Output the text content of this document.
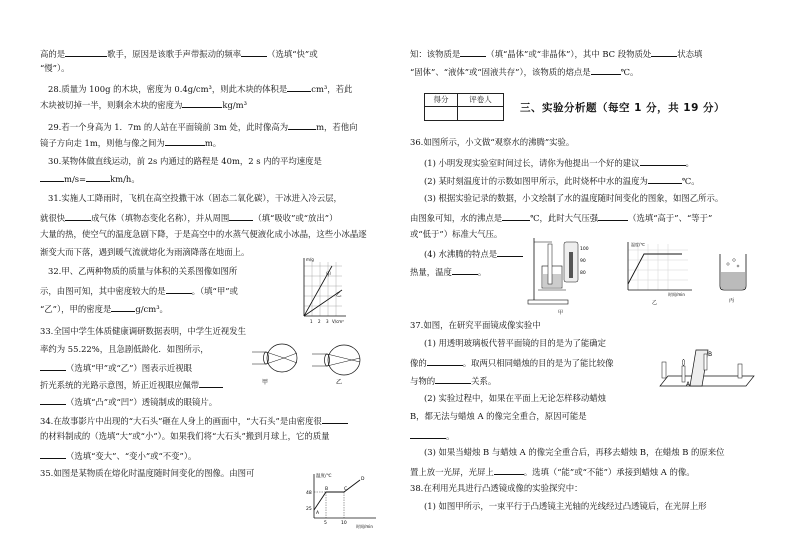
高的是	歌手，原因是该歌手声带振动的频率	（选填“快”或
“慢”）。
28.质量为 100g 的木块，密度为 0.4g/cm³，则此木块的体积是	cm³，若此
木块被切掉一半，则剩余木块的密度为	kg/m³
29.若一个身高为 1．7m 的人站在平面镜前 3m 处，此时像高为	m，若他向
镜子方向走 1m，则他与像之间为	m。
30.某物体做直线运动，前 2s 内通过的路程是 40m，2 s 内的平均速度是
m/s=	km/h。
31.实施人工降雨时，飞机在高空投撒干冰（固态二氧化碳），干冰进入冷云层，
就很快	成气体（填物态变化名称），并从周围	（填“吸收”或“放出”）
大量的热，使空气的温度急剧下降，于是高空中的水蒸气便液化成小冰晶，这些小冰晶逐
渐变大而下落，遇到暖气流就熔化为雨滴降落在地面上。
32.甲、乙两种物质的质量与体积的关系图像如图所
示，由图可知，其中密度较大的是	。（填“甲”或
“乙”），甲的密度是	g/cm³。
m/g
V/cm³
甲
乙
1 2 3
33.全国中学生体质健康调研数据表明，中学生近视发生
率约为 55.22%，且急剧低龄化．如图所示，
（选填“甲”或“乙”）图表示近视眼
折光系统的光路示意图，矫正近视眼应佩带
（选填“凸”或“凹”）透镜制成的眼镜片。
甲	乙
34.在故事影片中出现的“大石头”砸在人身上的画面中，“大石头”是由密度很
的材料制成的（选填“大”或“小”）。如果我们将“大石头”搬到月球上，它的质量
（选填“变大”、“变小”或“不变”）。
35.如图是某物质在熔化时温度随时间变化的图像。由图可	温度/℃
48
25
5	10
时间/min
A
B	C
D
知：该物质是	（填“晶体”或“非晶体”），其中 BC 段物质处	状态填
“固体”、“液体”或“固液共存”），该物质的熔点是	℃。
得分	评卷人
三、实验分析题（每空 1 分，共 19 分）
36.如图所示，小文做“观察水的沸腾”实验。
(1) 小明发现实验室时间过长，请你为他提出一个好的建议	。
(2) 某时刻温度计的示数如图甲所示，此时烧杯中水的温度为	℃。
(3) 根据实验记录的数据，小文绘制了水的温度随时间变化的图象，如图乙所示。
由图象可知，水的沸点是	℃，此时大气压强	（选填“高于”、“等于”
或“低于”）标准大气压。
(4) 水沸腾的特点是
热量，温度	。
100
90
80
甲
温度/℃
时间/min
乙	丙
37.如图，在研究平面镜成像实验中
(1) 用透明玻璃板代替平面镜的目的是为了能确定
像的	。取两只相同蜡烛的目的是为了能比较像
与物的	关系。
(2) 实验过程中，如果在平面上无论怎样移动蜡烛
B，都无法与蜡烛 A 的像完全重合，原因可能是
。
B
A
(3) 如果当蜡烛 B 与蜡烛 A 的像完全重合后，再移去蜡烛 B，在蜡烛 B 的原来位
置上放一光屏，光屏上	。选填（“能”或“不能”）承接到蜡烛 A 的像。
38.在利用光具进行凸透镜成像的实验探究中：
(1) 如图甲所示，一束平行于凸透镜主光轴的光线经过凸透镜后，在光屏上形
